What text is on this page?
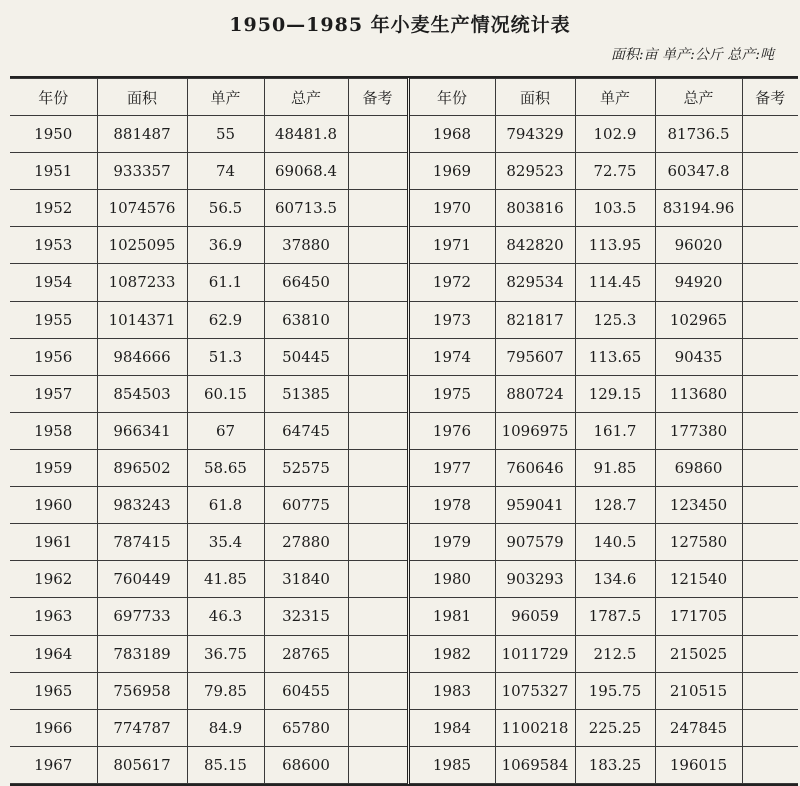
1950—1985 年小麦生产情况统计表
面积:亩 单产:公斤 总产:吨
年份	面积	单产	总产	备考	年份	面积	单产	总产	备考
1950	881487	55	48481.8		1968	794329	102.9	81736.5	
1951	933357	74	69068.4		1969	829523	72.75	60347.8	
1952	1074576	56.5	60713.5		1970	803816	103.5	83194.96	
1953	1025095	36.9	37880		1971	842820	113.95	96020	
1954	1087233	61.1	66450		1972	829534	114.45	94920	
1955	1014371	62.9	63810		1973	821817	125.3	102965	
1956	984666	51.3	50445		1974	795607	113.65	90435	
1957	854503	60.15	51385		1975	880724	129.15	113680	
1958	966341	67	64745		1976	1096975	161.7	177380	
1959	896502	58.65	52575		1977	760646	91.85	69860	
1960	983243	61.8	60775		1978	959041	128.7	123450	
1961	787415	35.4	27880		1979	907579	140.5	127580	
1962	760449	41.85	31840		1980	903293	134.6	121540	
1963	697733	46.3	32315		1981	96059	1787.5	171705	
1964	783189	36.75	28765		1982	1011729	212.5	215025	
1965	756958	79.85	60455		1983	1075327	195.75	210515	
1966	774787	84.9	65780		1984	1100218	225.25	247845	
1967	805617	85.15	68600		1985	1069584	183.25	196015	
